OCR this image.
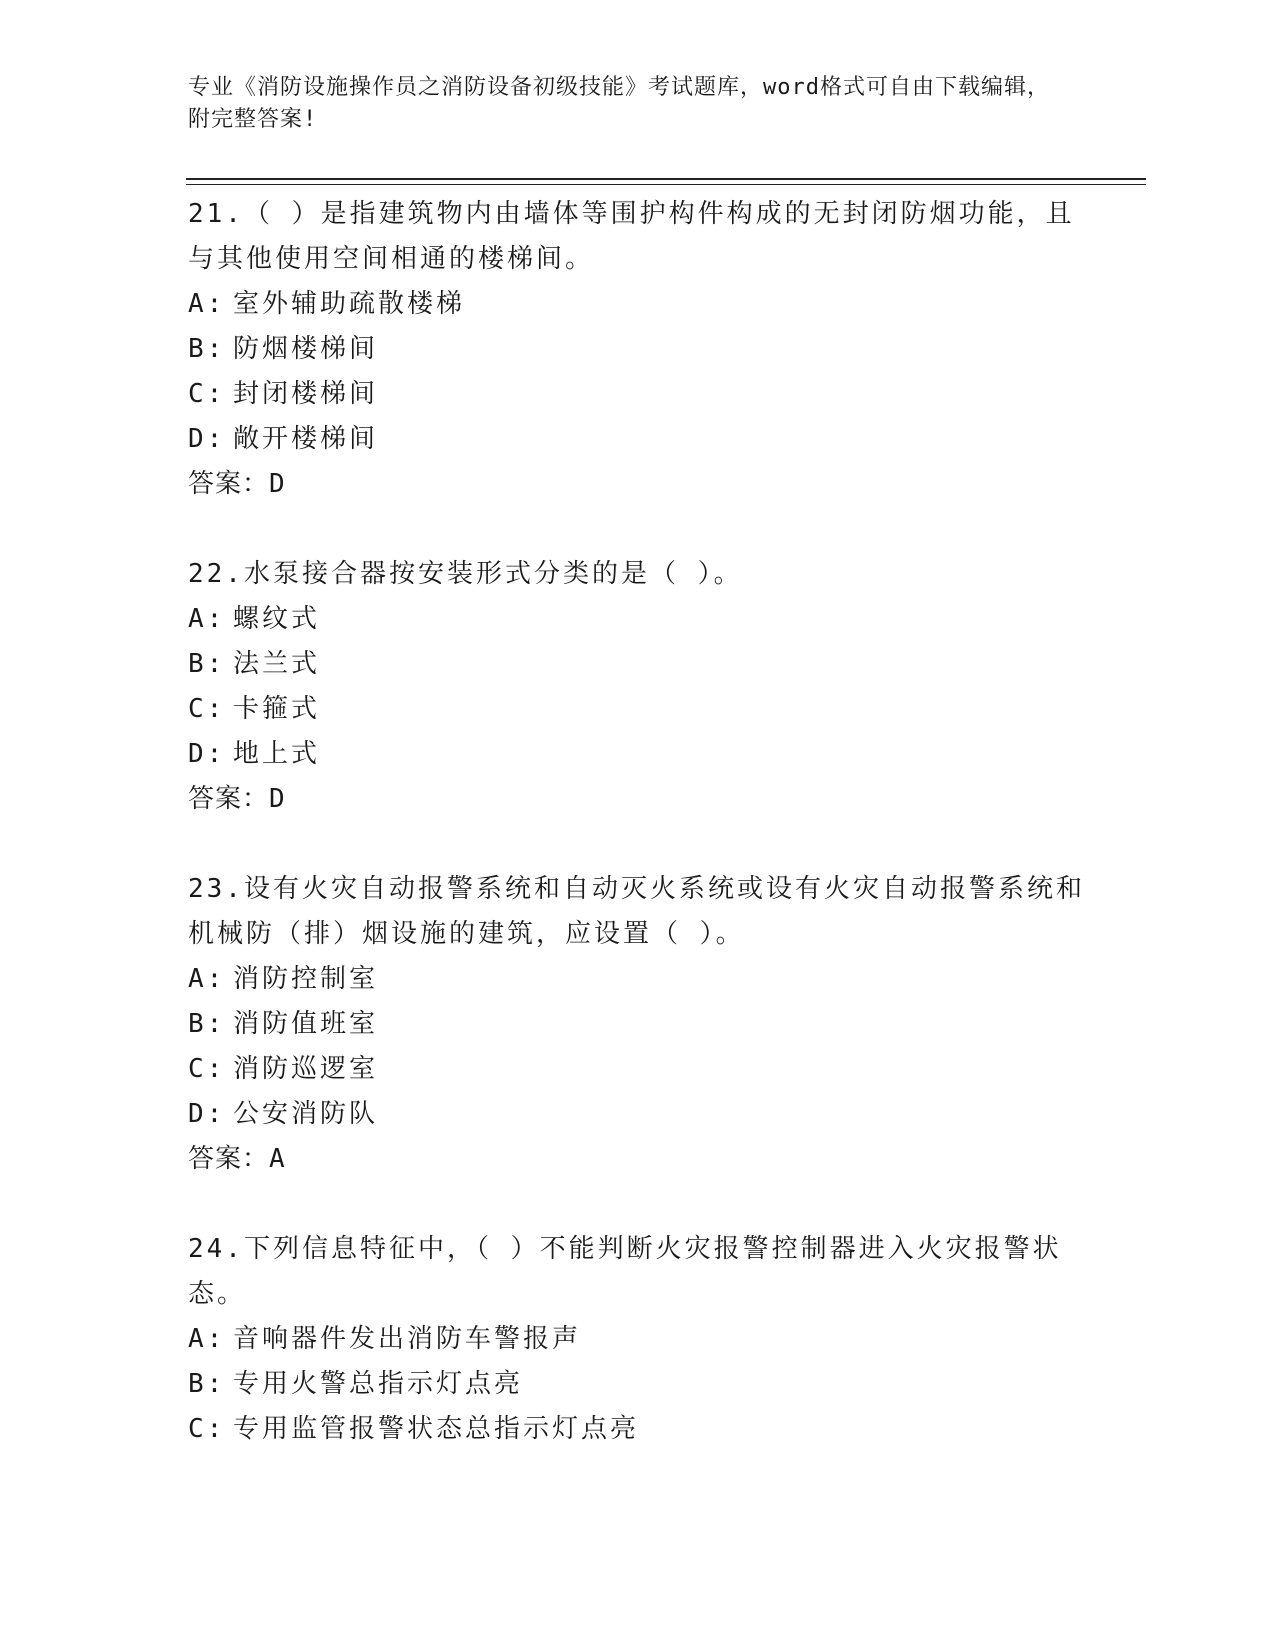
专业《消防设施操作员之消防设备初级技能》考试题库，word格式可自由下载编辑，附完整答案!
21.（ ）是指建筑物内由墙体等围护构件构成的无封闭防烟功能，且与其他使用空间相通的楼梯间。
A: 室外辅助疏散楼梯
B: 防烟楼梯间
C: 封闭楼梯间
D: 敞开楼梯间
答案：D
22.水泵接合器按安装形式分类的是（ ）。
A: 螺纹式
B: 法兰式
C: 卡箍式
D: 地上式
答案：D
23.设有火灾自动报警系统和自动灭火系统或设有火灾自动报警系统和机械防（排）烟设施的建筑，应设置（ ）。
A: 消防控制室
B: 消防值班室
C: 消防巡逻室
D: 公安消防队
答案：A
24.下列信息特征中，（ ）不能判断火灾报警控制器进入火灾报警状态。
A: 音响器件发出消防车警报声
B: 专用火警总指示灯点亮
C: 专用监管报警状态总指示灯点亮
